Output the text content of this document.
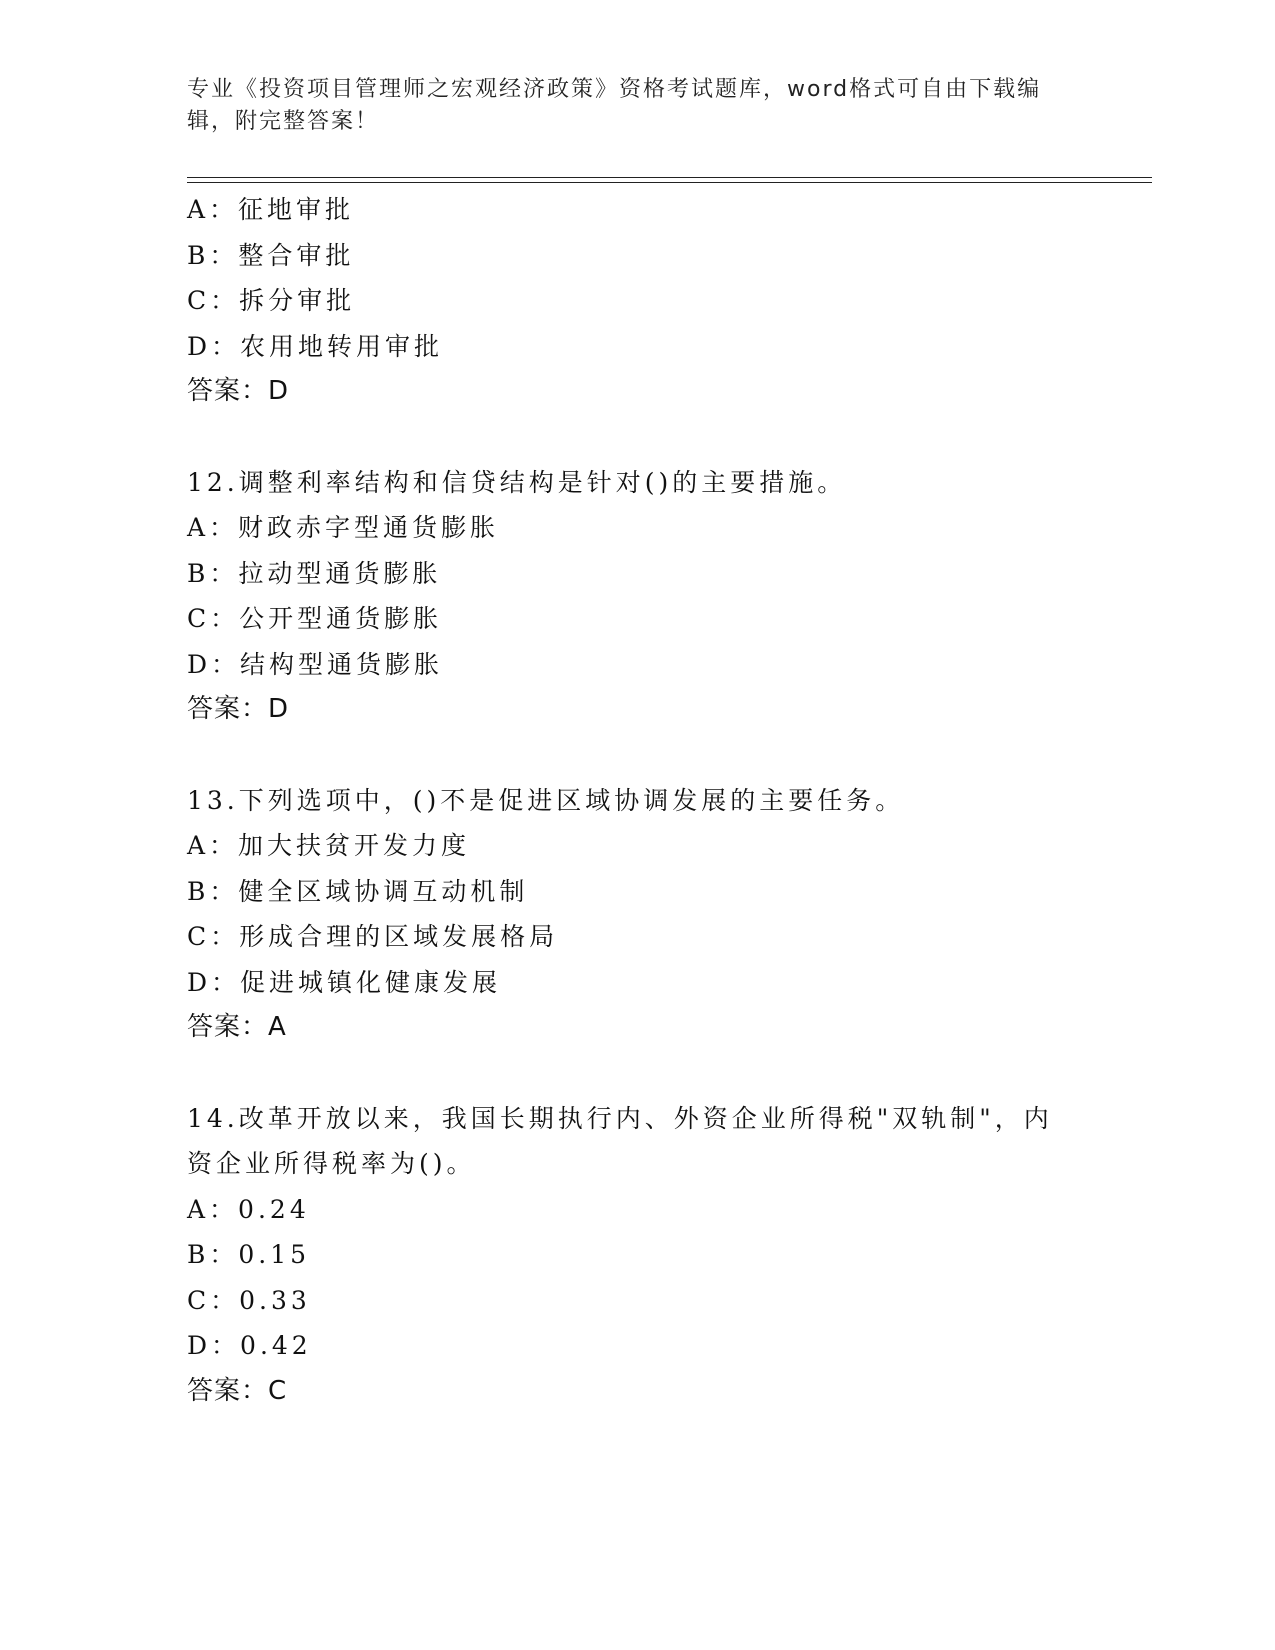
专业《投资项目管理师之宏观经济政策》资格考试题库，word格式可自由下载编辑，附完整答案！
A：征地审批
B：整合审批
C：拆分审批
D：农用地转用审批
答案：D
12.调整利率结构和信贷结构是针对()的主要措施。
A：财政赤字型通货膨胀
B：拉动型通货膨胀
C：公开型通货膨胀
D：结构型通货膨胀
答案：D
13.下列选项中，()不是促进区域协调发展的主要任务。
A：加大扶贫开发力度
B：健全区域协调互动机制
C：形成合理的区域发展格局
D：促进城镇化健康发展
答案：A
14.改革开放以来，我国长期执行内、外资企业所得税"双轨制"，内资企业所得税率为()。
A：0.24
B：0.15
C：0.33
D：0.42
答案：C
